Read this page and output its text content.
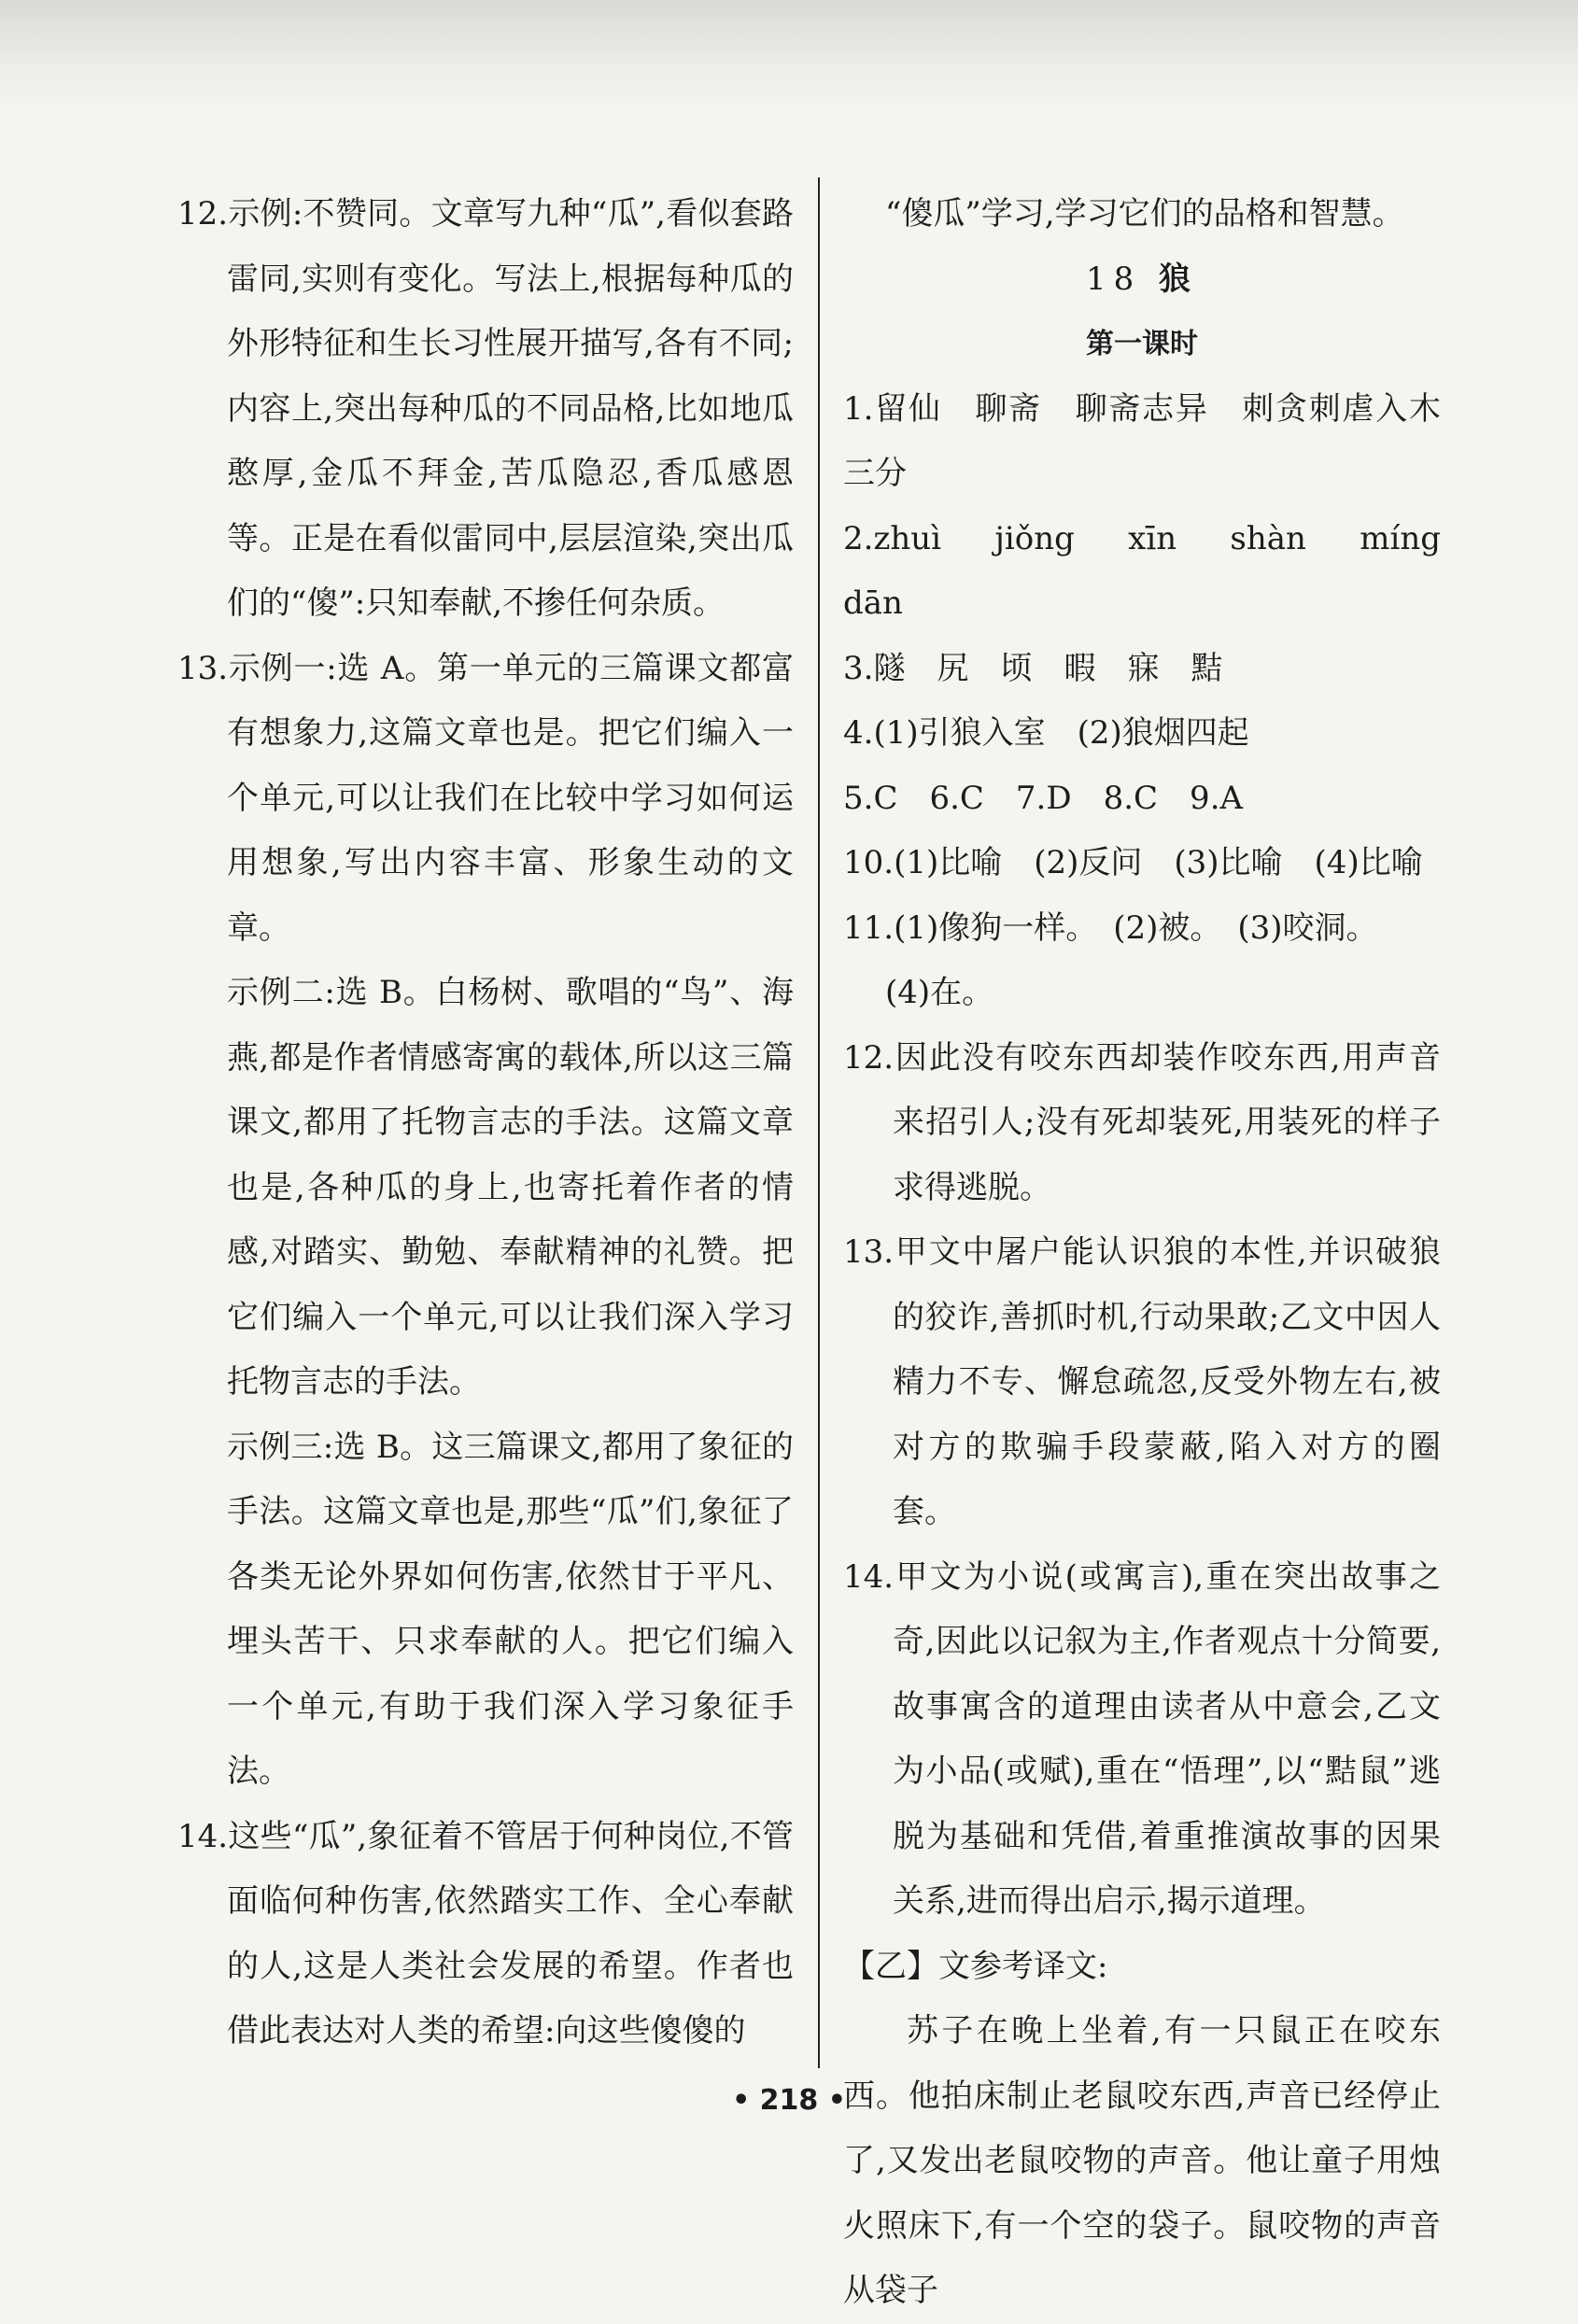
12.示例:不赞同。文章写九种“瓜”,看似套路雷同,实则有变化。写法上,根据每种瓜的外形特征和生长习性展开描写,各有不同;内容上,突出每种瓜的不同品格,比如地瓜憨厚,金瓜不拜金,苦瓜隐忍,香瓜感恩等。正是在看似雷同中,层层渲染,突出瓜们的“傻”:只知奉献,不掺任何杂质。

13.示例一:选 A。第一单元的三篇课文都富有想象力,这篇文章也是。把它们编入一个单元,可以让我们在比较中学习如何运用想象,写出内容丰富、形象生动的文章。

示例二:选 B。白杨树、歌唱的“鸟”、海燕,都是作者情感寄寓的载体,所以这三篇课文,都用了托物言志的手法。这篇文章也是,各种瓜的身上,也寄托着作者的情感,对踏实、勤勉、奉献精神的礼赞。把它们编入一个单元,可以让我们深入学习托物言志的手法。

示例三:选 B。这三篇课文,都用了象征的手法。这篇文章也是,那些“瓜”们,象征了各类无论外界如何伤害,依然甘于平凡、埋头苦干、只求奉献的人。把它们编入一个单元,有助于我们深入学习象征手法。

14.这些“瓜”,象征着不管居于何种岗位,不管面临何种伤害,依然踏实工作、全心奉献的人,这是人类社会发展的希望。作者也借此表达对人类的希望:向这些傻傻的

“傻瓜”学习,学习它们的品格和智慧。

18 狼

第一课时

1.留仙　聊斋　聊斋志异　刺贪刺虐入木三分

2.zhuì　jiǒng　xīn　shàn　míng　dān

3.隧　尻　顷　暇　寐　黠

4.(1)引狼入室　(2)狼烟四起

5.C　6.C　7.D　8.C　9.A

10.(1)比喻　(2)反问　(3)比喻　(4)比喻

11.(1)像狗一样。　(2)被。　(3)咬洞。

(4)在。

12.因此没有咬东西却装作咬东西,用声音来招引人;没有死却装死,用装死的样子求得逃脱。

13.甲文中屠户能认识狼的本性,并识破狼的狡诈,善抓时机,行动果敢;乙文中因人精力不专、懈怠疏忽,反受外物左右,被对方的欺骗手段蒙蔽,陷入对方的圈套。

14.甲文为小说(或寓言),重在突出故事之奇,因此以记叙为主,作者观点十分简要,故事寓含的道理由读者从中意会,乙文为小品(或赋),重在“悟理”,以“黠鼠”逃脱为基础和凭借,着重推演故事的因果关系,进而得出启示,揭示道理。

【乙】文参考译文:

苏子在晚上坐着,有一只鼠正在咬东西。他拍床制止老鼠咬东西,声音已经停止了,又发出老鼠咬物的声音。他让童子用烛火照床下,有一个空的袋子。鼠咬物的声音从袋子

• 218 •
